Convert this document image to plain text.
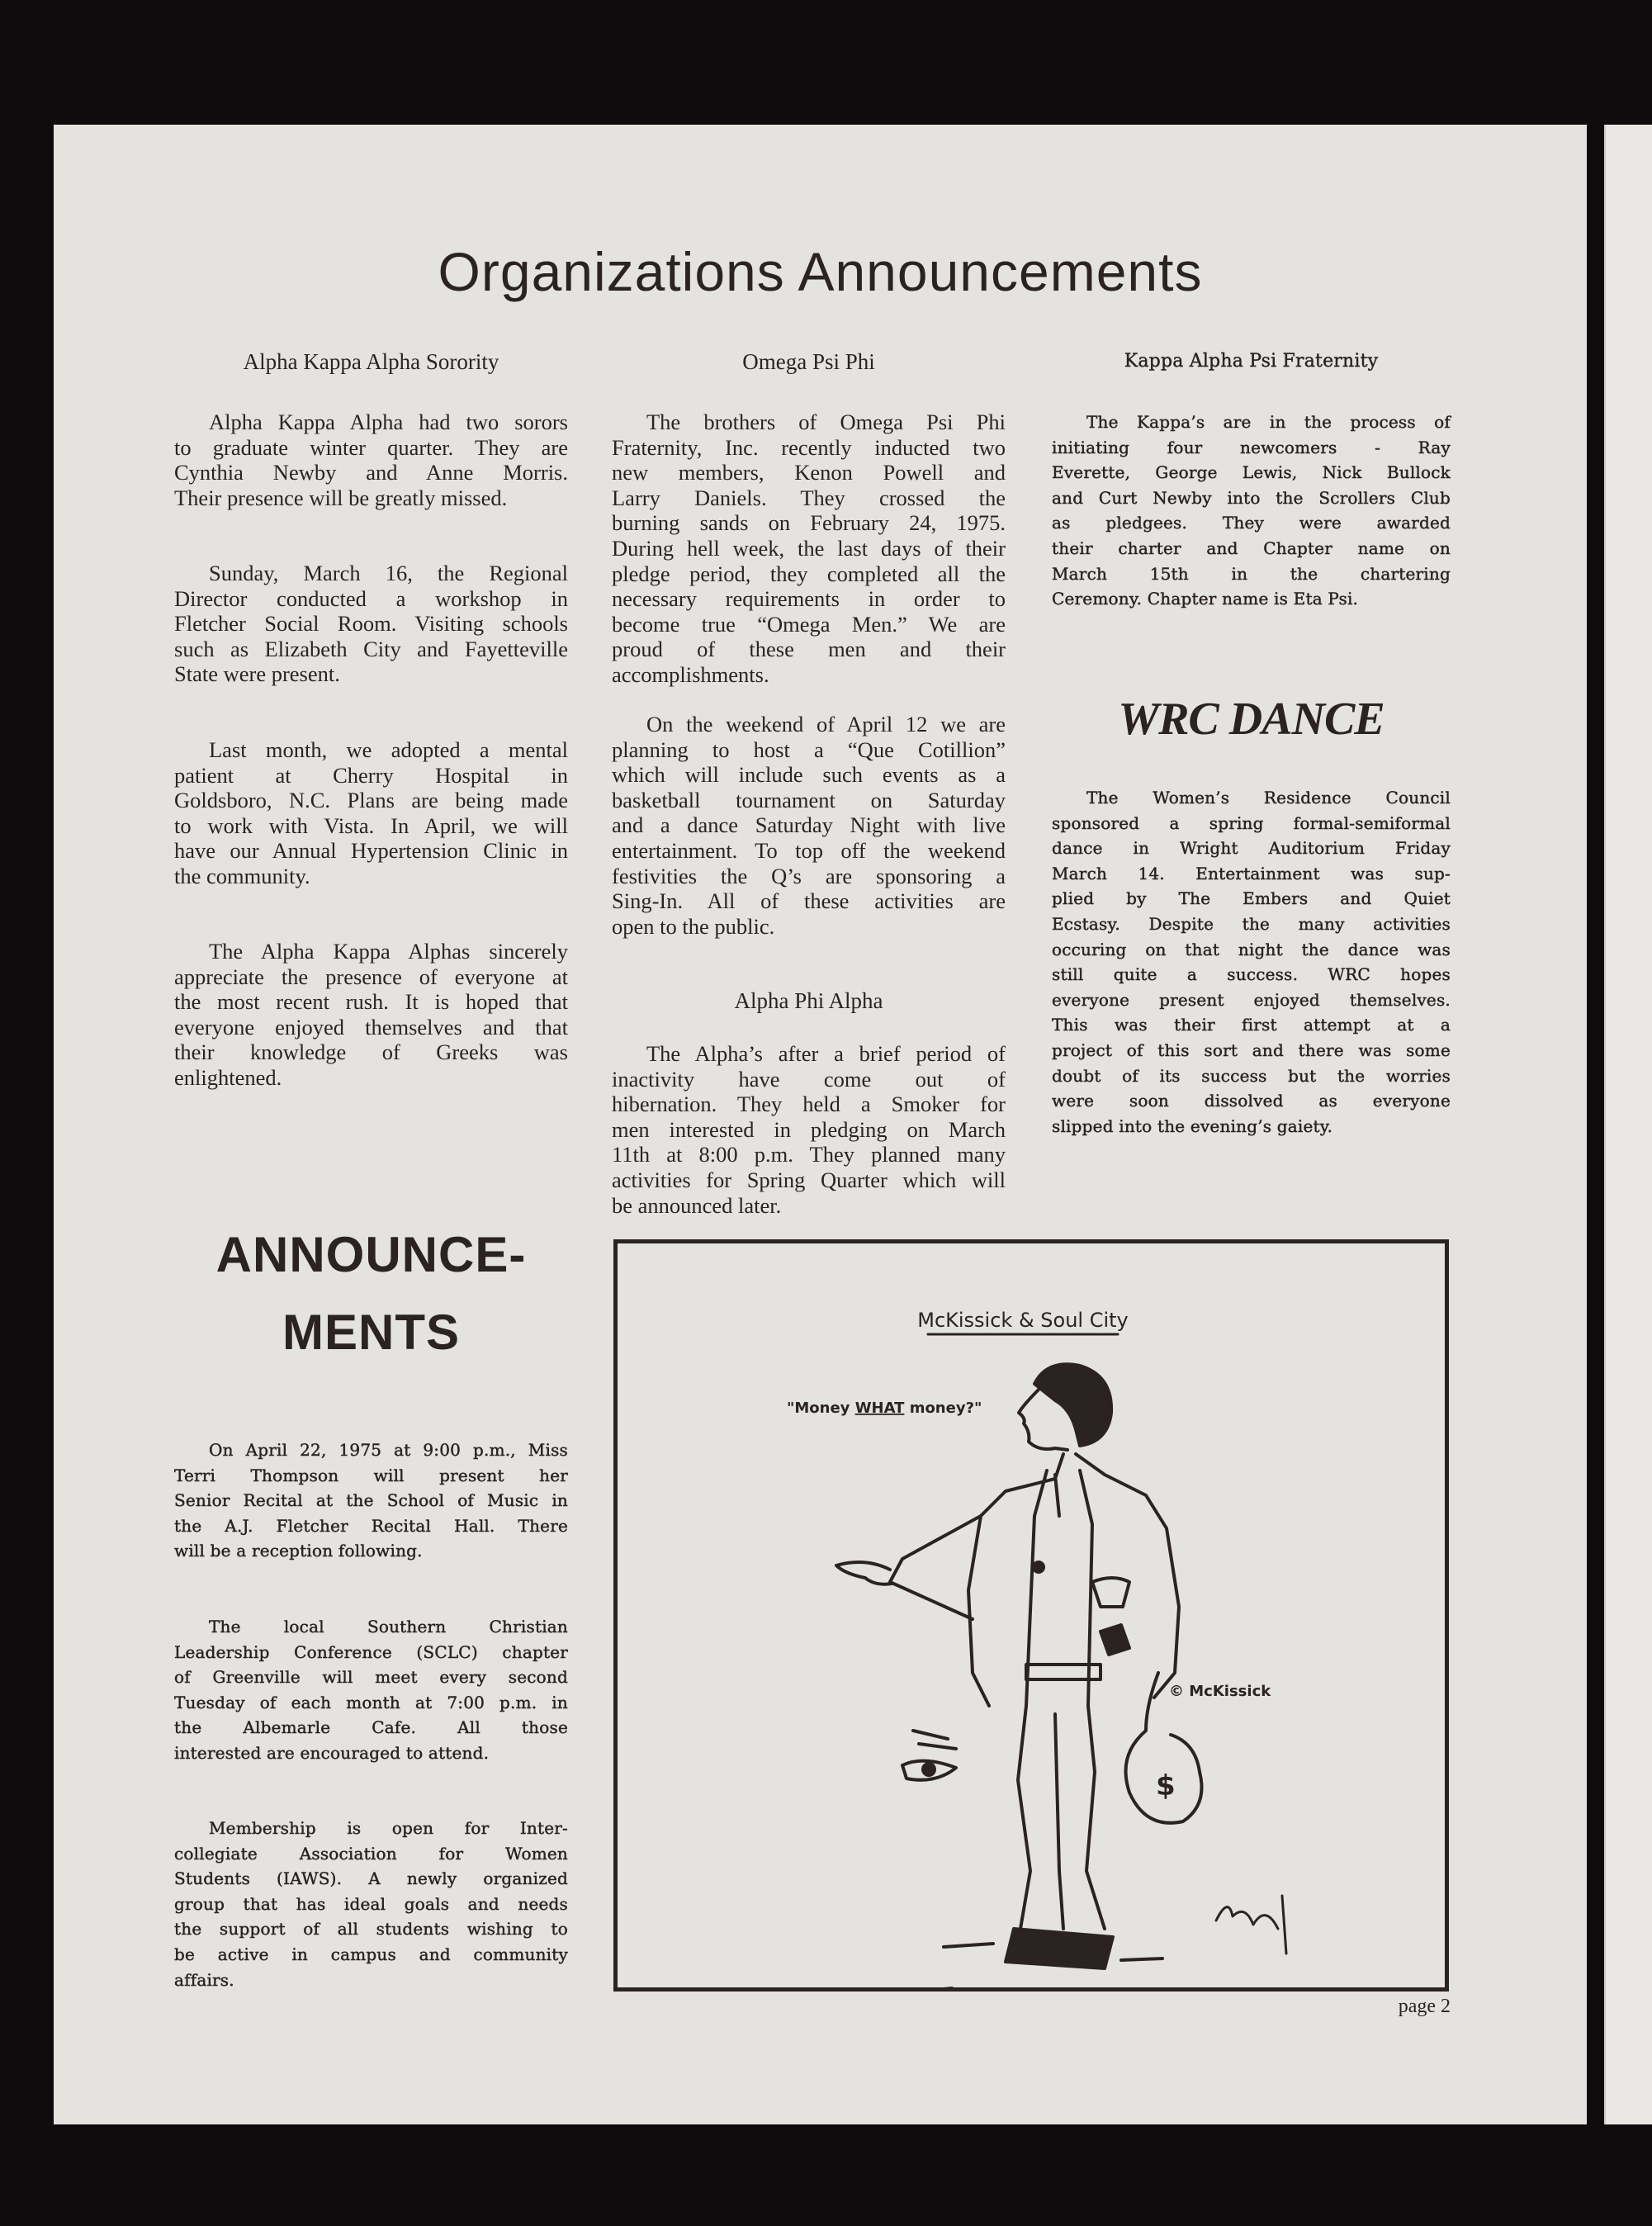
Organizations Announcements
Alpha Kappa Alpha Sorority
Alpha Kappa Alpha had two sorors
to graduate winter quarter. They are
Cynthia Newby and Anne Morris.
Their presence will be greatly missed.
Sunday, March 16, the Regional
Director conducted a workshop in
Fletcher Social Room. Visiting schools
such as Elizabeth City and Fayetteville
State were present.
Last month, we adopted a mental
patient at Cherry Hospital in
Goldsboro, N.C. Plans are being made
to work with Vista. In April, we will
have our Annual Hypertension Clinic in
the community.
The Alpha Kappa Alphas sincerely
appreciate the presence of everyone at
the most recent rush. It is hoped that
everyone enjoyed themselves and that
their knowledge of Greeks was
enlightened.
Omega Psi Phi
The brothers of Omega Psi Phi
Fraternity, Inc. recently inducted two
new members, Kenon Powell and
Larry Daniels. They crossed the
burning sands on February 24, 1975.
During hell week, the last days of their
pledge period, they completed all the
necessary requirements in order to
become true “Omega Men.” We are
proud of these men and their
accomplishments.
On the weekend of April 12 we are
planning to host a “Que Cotillion”
which will include such events as a
basketball tournament on Saturday
and a dance Saturday Night with live
entertainment. To top off the weekend
festivities the Q’s are sponsoring a
Sing-In. All of these activities are
open to the public.
Alpha Phi Alpha
The Alpha’s after a brief period of
inactivity have come out of
hibernation. They held a Smoker for
men interested in pledging on March
11th at 8:00 p.m. They planned many
activities for Spring Quarter which will
be announced later.
Kappa Alpha Psi Fraternity
The Kappa’s are in the process of
initiating four newcomers - Ray
Everette, George Lewis, Nick Bullock
and Curt Newby into the Scrollers Club
as pledgees. They were awarded
their charter and Chapter name on
March 15th in the chartering
Ceremony. Chapter name is Eta Psi.
WRC DANCE
The Women’s Residence Council
sponsored a spring formal-semiformal
dance in Wright Auditorium Friday
March 14. Entertainment was sup-
plied by The Embers and Quiet
Ecstasy. Despite the many activities
occuring on that night the dance was
still quite a success. WRC hopes
everyone present enjoyed themselves.
This was their first attempt at a
project of this sort and there was some
doubt of its success but the worries
were soon dissolved as everyone
slipped into the evening’s gaiety.
ANNOUNCE-
MENTS
On April 22, 1975 at 9:00 p.m., Miss
Terri Thompson will present her
Senior Recital at the School of Music in
the A.J. Fletcher Recital Hall. There
will be a reception following.
The local Southern Christian
Leadership Conference (SCLC) chapter
of Greenville will meet every second
Tuesday of each month at 7:00 p.m. in
the Albemarle Cafe. All those
interested are encouraged to attend.
Membership is open for Inter-
collegiate Association for Women
Students (IAWS). A newly organized
group that has ideal goals and needs
the support of all students wishing to
be active in campus and community
affairs.
McKissick & Soul City
"Money WHAT money?"
$
© McKissick
page 2
